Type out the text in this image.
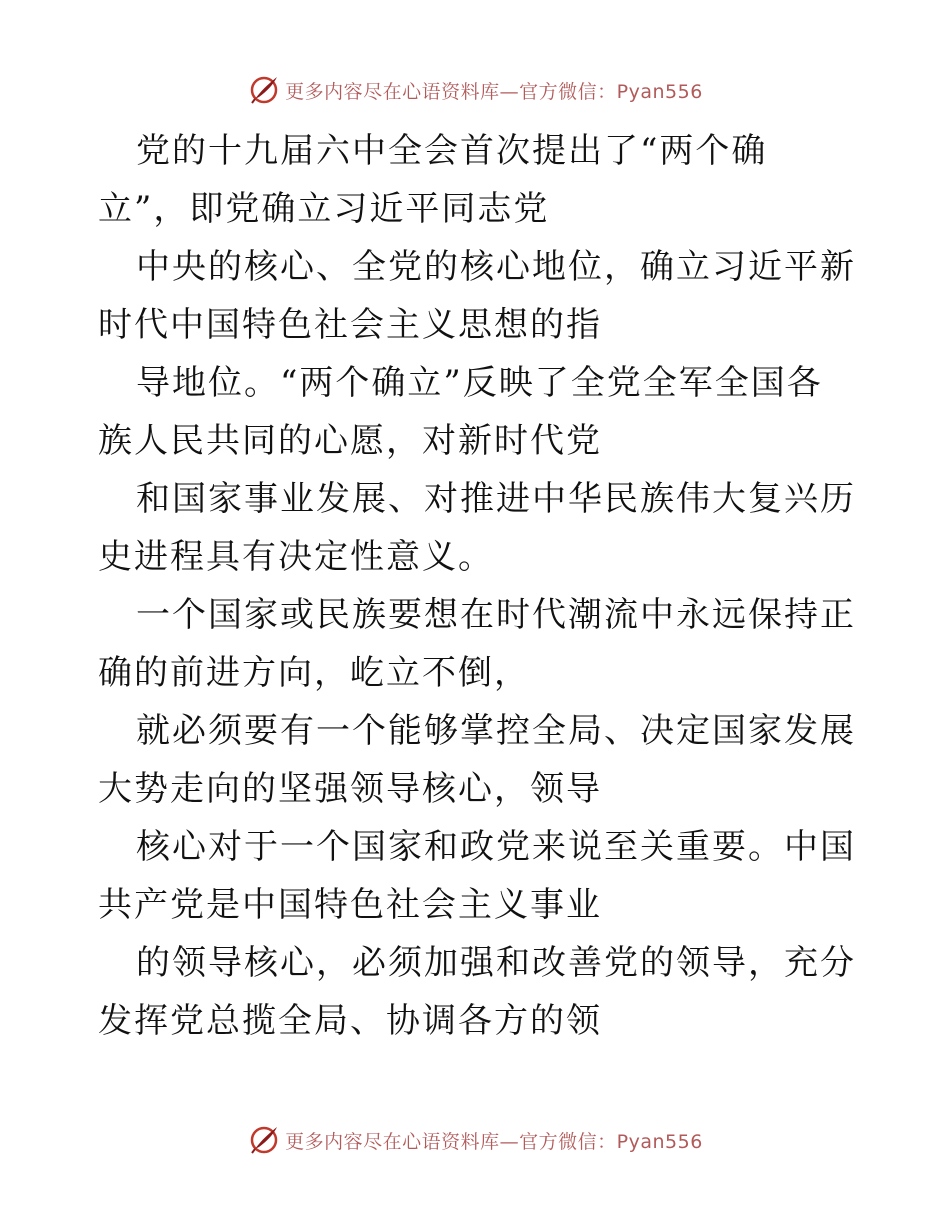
更多内容尽在心语资料库—官方微信：Pyan556

党的十九届六中全会首次提出了“两个确立”，即党确立习近平同志党

中央的核心、全党的核心地位，确立习近平新时代中国特色社会主义思想的指

导地位。“两个确立”反映了全党全军全国各族人民共同的心愿，对新时代党

和国家事业发展、对推进中华民族伟大复兴历史进程具有决定性意义。

一个国家或民族要想在时代潮流中永远保持正确的前进方向，屹立不倒，

就必须要有一个能够掌控全局、决定国家发展大势走向的坚强领导核心，领导

核心对于一个国家和政党来说至关重要。中国共产党是中国特色社会主义事业

的领导核心，必须加强和改善党的领导，充分发挥党总揽全局、协调各方的领

更多内容尽在心语资料库—官方微信：Pyan556
